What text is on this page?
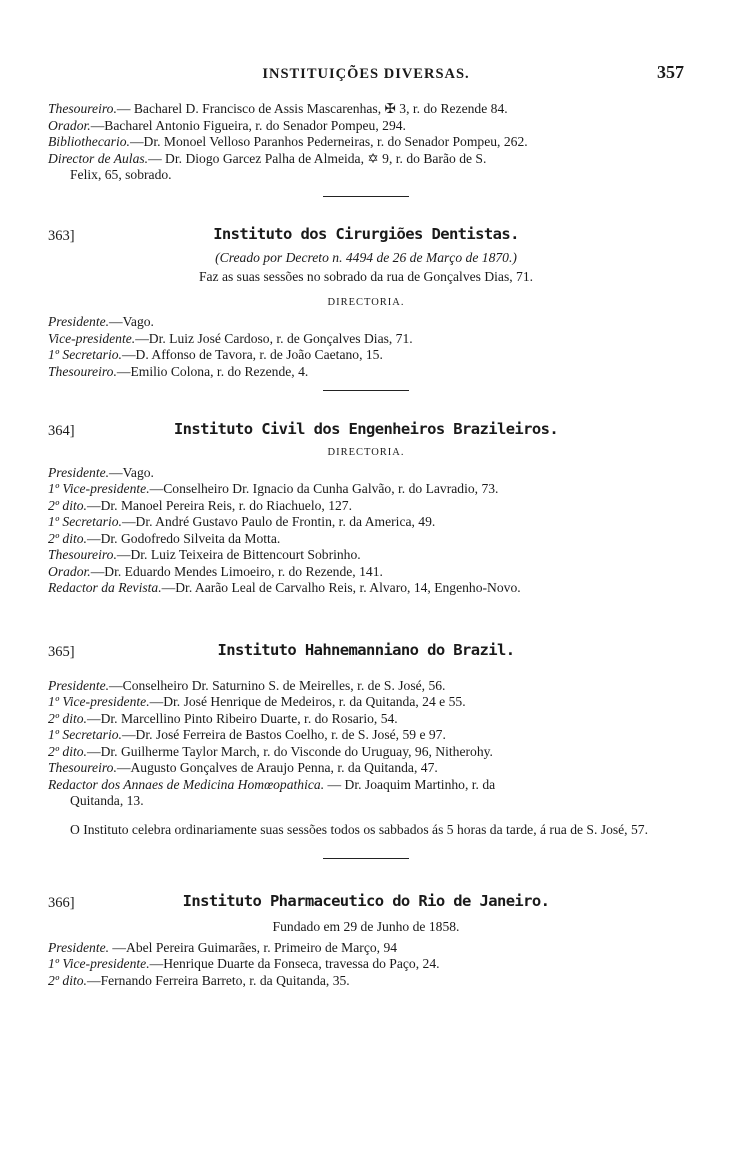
INSTITUIÇÕES DIVERSAS.	357

Thesoureiro.— Bacharel D. Francisco de Assis Mascarenhas, ✠ 3, r. do Rezende 84.

Orador.—Bacharel Antonio Figueira, r. do Senador Pompeu, 294.

Bibliothecario.—Dr. Monoel Velloso Paranhos Pederneiras, r. do Senador Pompeu, 262.

Director de Aulas.— Dr. Diogo Garcez Palha de Almeida, ✡ 9, r. do Barão de S.

Felix, 65, sobrado.

363]	Instituto dos Cirurgiões Dentistas.

(Creado por Decreto n. 4494 de 26 de Março de 1870.)

Faz as suas sessões no sobrado da rua de Gonçalves Dias, 71.

DIRECTORIA.

Presidente.—Vago.

Vice-presidente.—Dr. Luiz José Cardoso, r. de Gonçalves Dias, 71.

1º Secretario.—D. Affonso de Tavora, r. de João Caetano, 15.

Thesoureiro.—Emilio Colona, r. do Rezende, 4.

364]	Instituto Civil dos Engenheiros Brazileiros.

DIRECTORIA.

Presidente.—Vago.

1º Vice-presidente.—Conselheiro Dr. Ignacio da Cunha Galvão, r. do Lavradio, 73.

2º dito.—Dr. Manoel Pereira Reis, r. do Riachuelo, 127.

1º Secretario.—Dr. André Gustavo Paulo de Frontin, r. da America, 49.

2º dito.—Dr. Godofredo Silveita da Motta.

Thesoureiro.—Dr. Luiz Teixeira de Bittencourt Sobrinho.

Orador.—Dr. Eduardo Mendes Limoeiro, r. do Rezende, 141.

Redactor da Revista.—Dr. Aarão Leal de Carvalho Reis, r. Alvaro, 14, Engenho-Novo.

365]	Instituto Hahnemanniano do Brazil.

Presidente.—Conselheiro Dr. Saturnino S. de Meirelles, r. de S. José, 56.

1º Vice-presidente.—Dr. José Henrique de Medeiros, r. da Quitanda, 24 e 55.

2º dito.—Dr. Marcellino Pinto Ribeiro Duarte, r. do Rosario, 54.

1º Secretario.—Dr. José Ferreira de Bastos Coelho, r. de S. José, 59 e 97.

2º dito.—Dr. Guilherme Taylor March, r. do Visconde do Uruguay, 96, Nitherohy.

Thesoureiro.—Augusto Gonçalves de Araujo Penna, r. da Quitanda, 47.

Redactor dos Annaes de Medicina Homœopathica. — Dr. Joaquim Martinho, r. da

Quitanda, 13.

O Instituto celebra ordinariamente suas sessões todos os sabbados ás 5 horas da tarde, á rua de S. José, 57.

366]	Instituto Pharmaceutico do Rio de Janeiro.

Fundado em 29 de Junho de 1858.

Presidente. —Abel Pereira Guimarães, r. Primeiro de Março, 94

1º Vice-presidente.—Henrique Duarte da Fonseca, travessa do Paço, 24.

2º dito.—Fernando Ferreira Barreto, r. da Quitanda, 35.
